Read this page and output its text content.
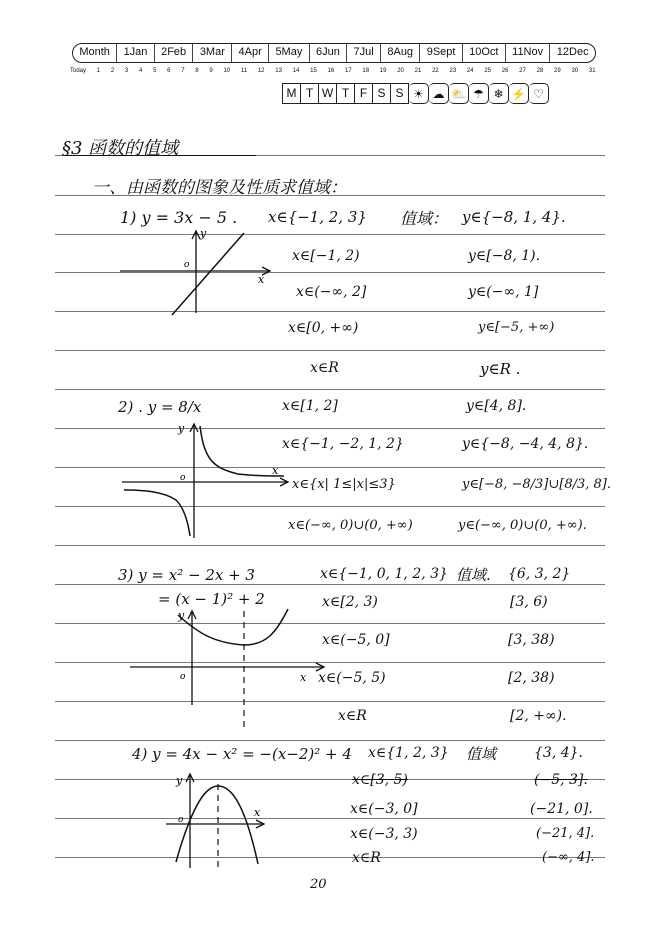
Month	1Jan	2Feb	3Mar	4Apr	5May	6Jun	7Jul	8Aug	9Sept	10Oct	11Nov	12Dec
Today 1 2 3 4 5 6 7 8 9 10 11 12 13 14 15 16 17 18 19 20 21 22 23 24 25 26 27 28 29 30 31
M T W T F S S ☀ ☁ ⛅ ☂ ❄ ⚡ ♡
§3 函数的值域
一、由函数的图象及性质求值域：
1) y = 3x − 5 . x∈{−1, 2, 3} 值域： y∈{−8, 1, 4}.
y
x
o
x∈[−1, 2)	y∈[−8, 1).
x∈(−∞, 2]	y∈(−∞, 1]
x∈[0, +∞)	y∈[−5, +∞)
x∈R	y∈R .
2) . y = 8/x
y
x
o
x∈[1, 2]	y∈[4, 8].
x∈{−1, −2, 1, 2}	y∈{−8, −4, 4, 8}.
x∈{x| 1≤|x|≤3}	y∈[−8, −8/3]∪[8/3, 8].
x∈(−∞, 0)∪(0, +∞)	y∈(−∞, 0)∪(0, +∞).
3) y = x² − 2x + 3
= (x − 1)² + 2
x∈{−1, 0, 1, 2, 3} 值域. {6, 3, 2}
y
x
o
x∈[2, 3)	[3, 6)
x∈(−5, 0]	[3, 38)
x∈(−5, 5)	[2, 38)
x∈R	[2, +∞).
4) y = 4x − x² = −(x−2)² + 4 x∈{1, 2, 3} 值域	{3, 4}.
y
x
o
x∈[3, 5)	(−5, 3].
x∈(−3, 0]	(−21, 0].
x∈(−3, 3)	(−21, 4].
x∈R	(−∞, 4].
20
